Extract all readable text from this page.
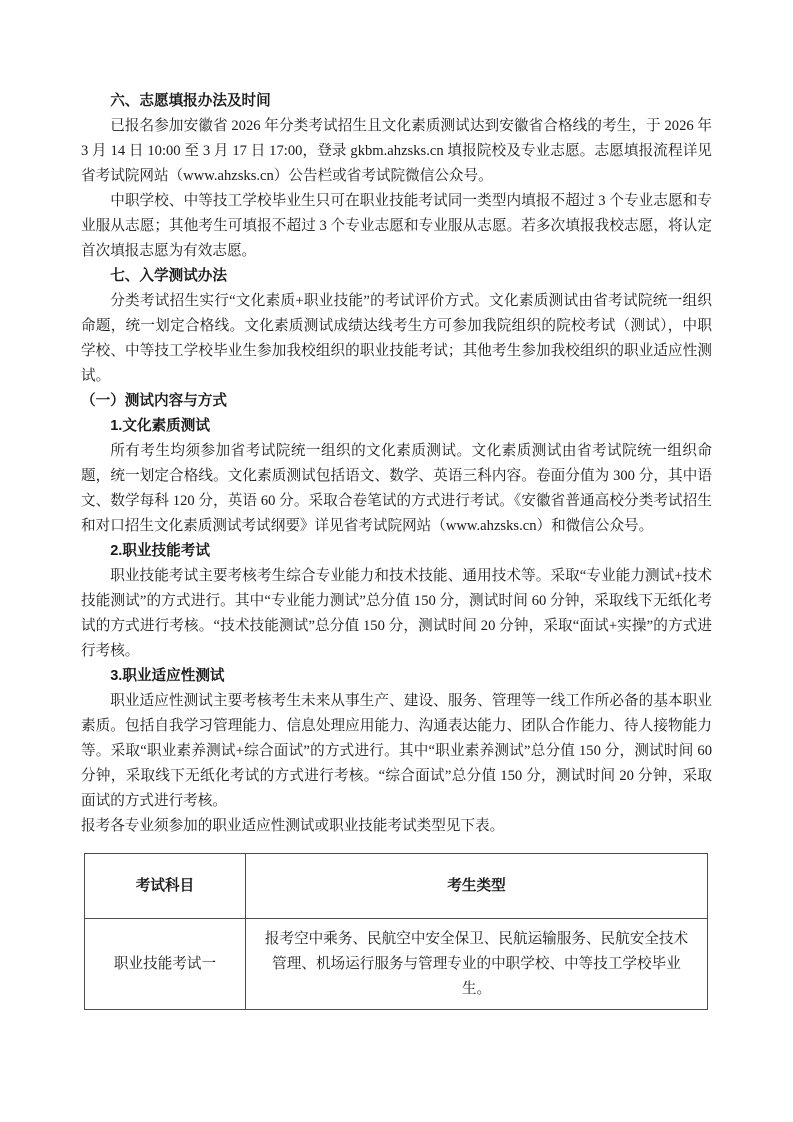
六、志愿填报办法及时间

已报名参加安徽省 2026 年分类考试招生且文化素质测试达到安徽省合格线的考生，于 2026 年 3 月 14 日 10:00 至 3 月 17 日 17:00，登录 gkbm.ahzsks.cn 填报院校及专业志愿。志愿填报流程详见省考试院网站（www.ahzsks.cn）公告栏或省考试院微信公众号。

中职学校、中等技工学校毕业生只可在职业技能考试同一类型内填报不超过 3 个专业志愿和专业服从志愿；其他考生可填报不超过 3 个专业志愿和专业服从志愿。若多次填报我校志愿，将认定首次填报志愿为有效志愿。

七、入学测试办法

分类考试招生实行“文化素质+职业技能”的考试评价方式。文化素质测试由省考试院统一组织命题，统一划定合格线。文化素质测试成绩达线考生方可参加我院组织的院校考试（测试），中职学校、中等技工学校毕业生参加我校组织的职业技能考试；其他考生参加我校组织的职业适应性测试。

（一）测试内容与方式

1.文化素质测试

所有考生均须参加省考试院统一组织的文化素质测试。文化素质测试由省考试院统一组织命题，统一划定合格线。文化素质测试包括语文、数学、英语三科内容。卷面分值为 300 分，其中语文、数学每科 120 分，英语 60 分。采取合卷笔试的方式进行考试。《安徽省普通高校分类考试招生和对口招生文化素质测试考试纲要》详见省考试院网站（www.ahzsks.cn）和微信公众号。

2.职业技能考试

职业技能考试主要考核考生综合专业能力和技术技能、通用技术等。采取“专业能力测试+技术技能测试”的方式进行。其中“专业能力测试”总分值 150 分，测试时间 60 分钟，采取线下无纸化考试的方式进行考核。“技术技能测试”总分值 150 分，测试时间 20 分钟，采取“面试+实操”的方式进行考核。

3.职业适应性测试

职业适应性测试主要考核考生未来从事生产、建设、服务、管理等一线工作所必备的基本职业素质。包括自我学习管理能力、信息处理应用能力、沟通表达能力、团队合作能力、待人接物能力等。采取“职业素养测试+综合面试”的方式进行。其中“职业素养测试”总分值 150 分，测试时间 60 分钟，采取线下无纸化考试的方式进行考核。“综合面试”总分值 150 分，测试时间 20 分钟，采取面试的方式进行考核。

报考各专业须参加的职业适应性测试或职业技能考试类型见下表。

考试科目	考生类型
职业技能考试一	报考空中乘务、民航空中安全保卫、民航运输服务、民航安全技术管理、机场运行服务与管理专业的中职学校、中等技工学校毕业生。
